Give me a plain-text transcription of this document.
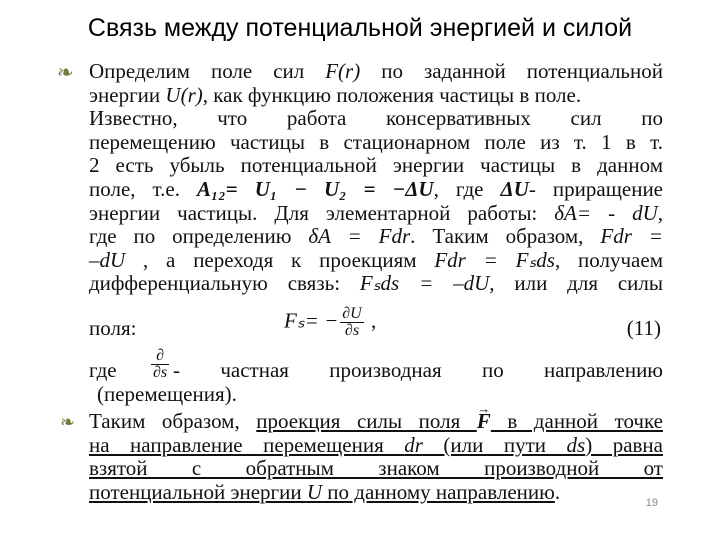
Связь между потенциальной энергией и силой
❧ Определим поле сил F(r) по заданной потенциальной
энергии U(r), как функцию положения частицы в поле.
Известно, что работа консервативных сил по
перемещению частицы в стационарном поле из т. 1 в т.
2 есть убыль потенциальной энергии частицы в данном
поле, т.е. A₁₂= U₁ − U₂ = −ΔU, где ΔU- приращение
энергии частицы. Для элементарной работы: δA= - dU,
где по определению δA = Fdr. Таким образом, Fdr =
–dU , а переходя к проекциям Fdr = Fₛds, получаем
дифференциальную связь: Fₛds = –dU, или для силы
поля:	$F_s= - \frac{\partial U}{\partial s}$ ,	(11)
где
∂
∂s - частная производная по направлению
(перемещения).
❧ Таким образом, проекция силы поля → F в данной точке
на направление перемещения dr (или пути ds) равна
взятой с обратным знаком производной от
потенциальной энергии U по данному направлению.	19
